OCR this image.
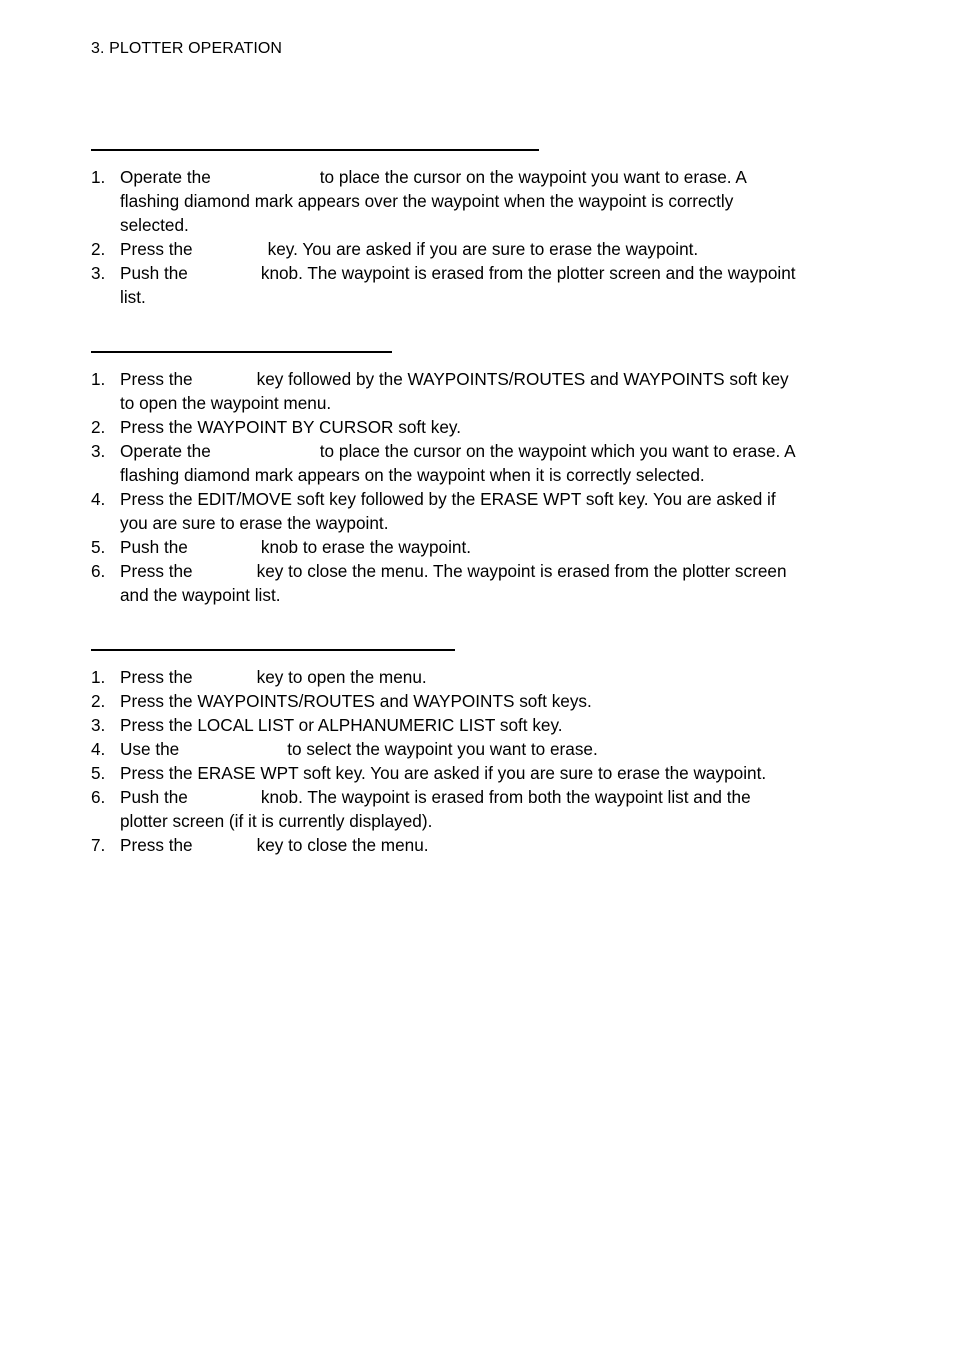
3. PLOTTER OPERATION
1. Operate the	to place the cursor on the waypoint you want to erase. A
flashing diamond mark appears over the waypoint when the waypoint is correctly
selected.
2. Press the	key. You are asked if you are sure to erase the waypoint.
3. Push the	knob. The waypoint is erased from the plotter screen and the waypoint
list.
1. Press the	key followed by the WAYPOINTS/ROUTES and WAYPOINTS soft key
to open the waypoint menu.
2. Press the WAYPOINT BY CURSOR soft key.
3. Operate the	to place the cursor on the waypoint which you want to erase. A
flashing diamond mark appears on the waypoint when it is correctly selected.
4. Press the EDIT/MOVE soft key followed by the ERASE WPT soft key. You are asked if
you are sure to erase the waypoint.
5. Push the	knob to erase the waypoint.
6. Press the	key to close the menu. The waypoint is erased from the plotter screen
and the waypoint list.
1. Press the	key to open the menu.
2. Press the WAYPOINTS/ROUTES and WAYPOINTS soft keys.
3. Press the LOCAL LIST or ALPHANUMERIC LIST soft key.
4. Use the	to select the waypoint you want to erase.
5. Press the ERASE WPT soft key. You are asked if you are sure to erase the waypoint.
6. Push the	knob. The waypoint is erased from both the waypoint list and the
plotter screen (if it is currently displayed).
7. Press the	key to close the menu.
